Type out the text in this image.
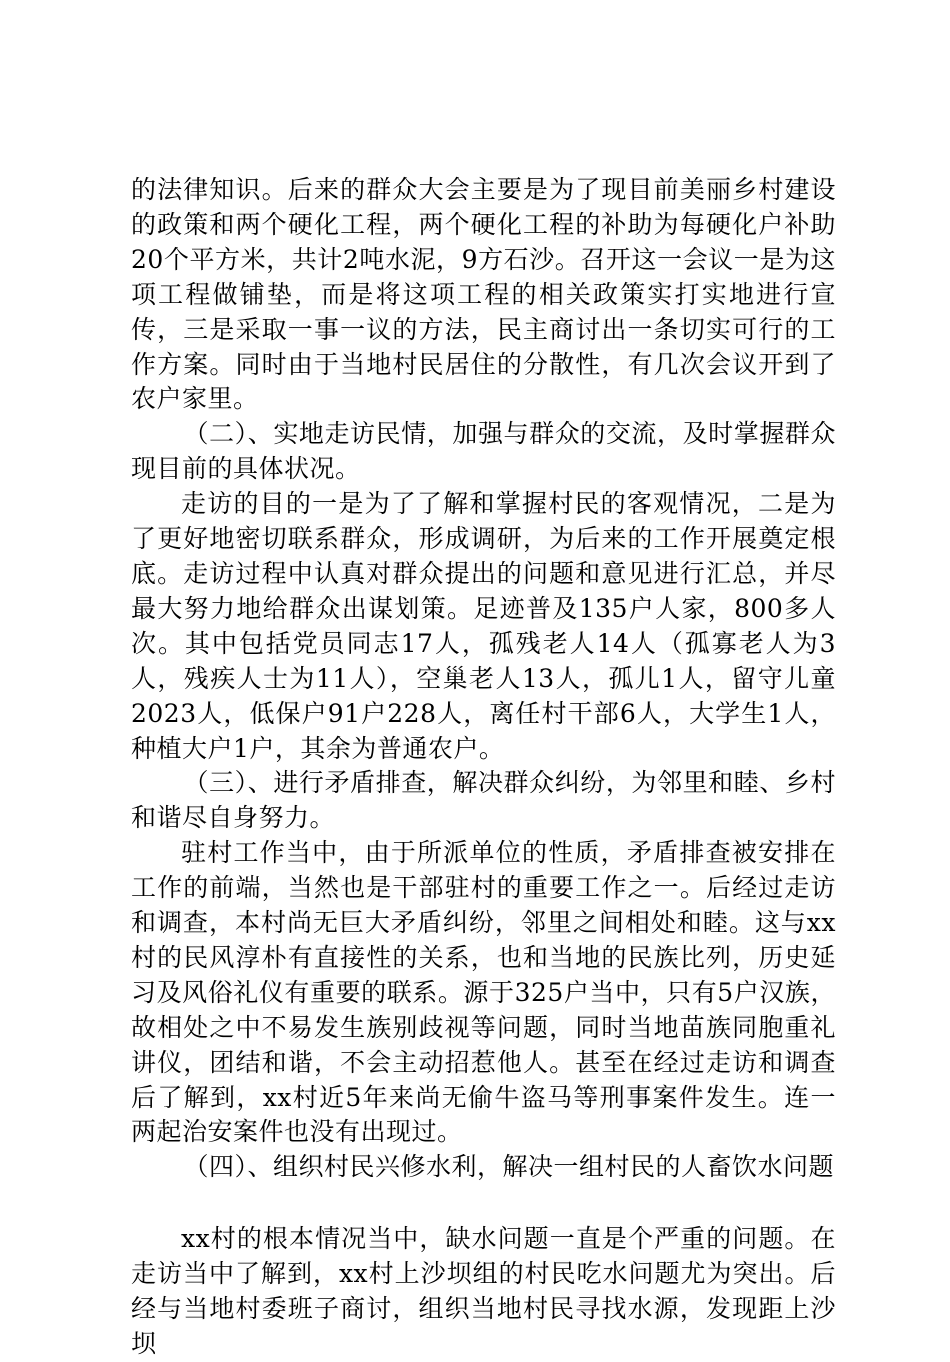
的法律知识。后来的群众大会主要是为了现目前美丽乡村建设的政策和两个硬化工程，两个硬化工程的补助为每硬化户补助20个平方米，共计2吨水泥，9方石沙。召开这一会议一是为这项工程做铺垫，而是将这项工程的相关政策实打实地进行宣传，三是采取一事一议的方法，民主商讨出一条切实可行的工作方案。同时由于当地村民居住的分散性，有几次会议开到了农户家里。

（二）、实地走访民情，加强与群众的交流，及时掌握群众现目前的具体状况。

走访的目的一是为了了解和掌握村民的客观情况，二是为了更好地密切联系群众，形成调研，为后来的工作开展奠定根底。走访过程中认真对群众提出的问题和意见进行汇总，并尽最大努力地给群众出谋划策。足迹普及135户人家，800多人次。其中包括党员同志17人，孤残老人14人（孤寡老人为3人，残疾人士为11人），空巢老人13人，孤儿1人，留守儿童2023人，低保户91户228人，离任村干部6人，大学生1人，种植大户1户，其余为普通农户。

（三）、进行矛盾排查，解决群众纠纷，为邻里和睦、乡村和谐尽自身努力。

驻村工作当中，由于所派单位的性质，矛盾排查被安排在工作的前端，当然也是干部驻村的重要工作之一。后经过走访和调查，本村尚无巨大矛盾纠纷，邻里之间相处和睦。这与xx村的民风淳朴有直接性的关系，也和当地的民族比列，历史延习及风俗礼仪有重要的联系。源于325户当中，只有5户汉族，故相处之中不易发生族别歧视等问题，同时当地苗族同胞重礼讲仪，团结和谐，不会主动招惹他人。甚至在经过走访和调查后了解到，xx村近5年来尚无偷牛盗马等刑事案件发生。连一两起治安案件也没有出现过。

（四）、组织村民兴修水利，解决一组村民的人畜饮水问题

xx村的根本情况当中，缺水问题一直是个严重的问题。在走访当中了解到，xx村上沙坝组的村民吃水问题尤为突出。后经与当地村委班子商讨，组织当地村民寻找水源，发现距上沙坝
